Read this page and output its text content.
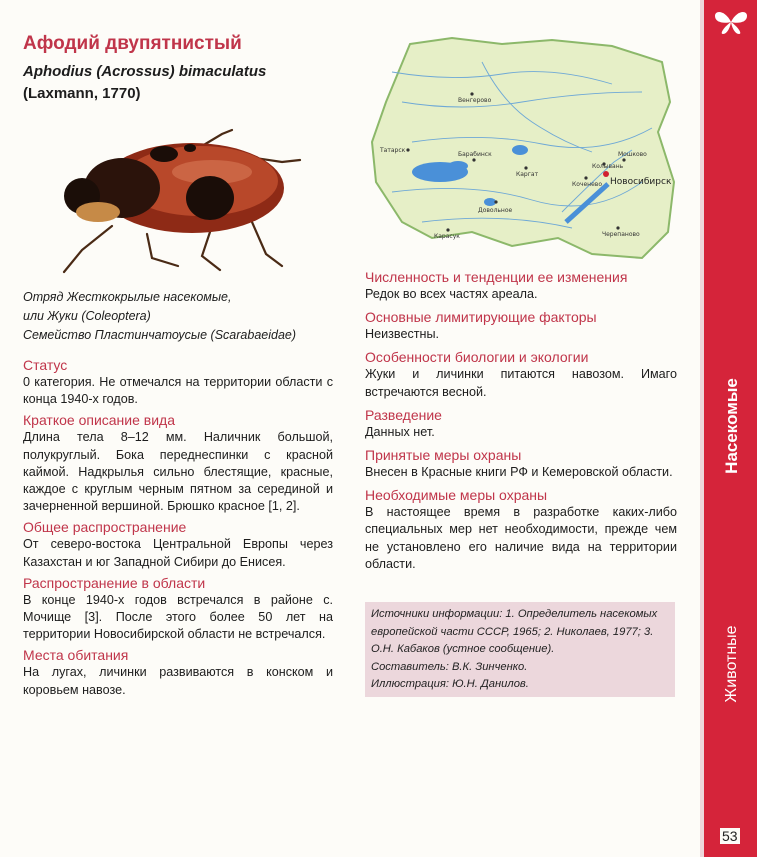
Афодий двупятнистый
Aphodius (Acrossus) bimaculatus
(Laxmann, 1770)
Отряд Жесткокрылые насекомые,
или Жуки (Coleoptera)
Семейство Пластинчатоусые (Scarabaeidae)
Статус

0 категория. Не отмечался на территории области с конца 1940-х годов.

Краткое описание вида

Длина тела 8–12 мм. Наличник большой, полукруглый. Бока переднеспинки с красной каймой. Надкрылья сильно блестящие, красные, каждое с круглым черным пятном за серединой и зачерненной вершиной. Брюшко красное [1, 2].

Общее распространение

От северо-востока Центральной Европы через Казахстан и юг Западной Сибири до Енисея.

Распространение в области

В конце 1940-х годов встречался в районе с. Мочище [3]. После этого более 50 лет на территории Новосибирской области не встречался.

Места обитания

На лугах, личинки развиваются в конском и коровьем навозе.

Венгерово
Татарск
Барабинск
Каргат
Довольное
Карасук
Колывань
Мошково
Коченево Новосибирск
Черепаново
Численность и тенденции ее изменения

Редок во всех частях ареала.

Основные лимитирующие факторы

Неизвестны.

Особенности биологии и экологии

Жуки и личинки питаются навозом. Имаго встречаются весной.

Разведение

Данных нет.

Принятые меры охраны

Внесен в Красные книги РФ и Кемеровской области.

Необходимые меры охраны

В настоящее время в разработке каких-либо специальных мер нет необходимости, прежде чем не установлено его наличие вида на территории области.

Источники информации: 1. Определитель насекомых европейской части СССР, 1965; 2. Николаев, 1977; 3. О.Н. Кабаков (устное сообщение).

Составитель: В.К. Зинченко.

Иллюстрация: Ю.Н. Данилов.

Насекомые
Животные
53
